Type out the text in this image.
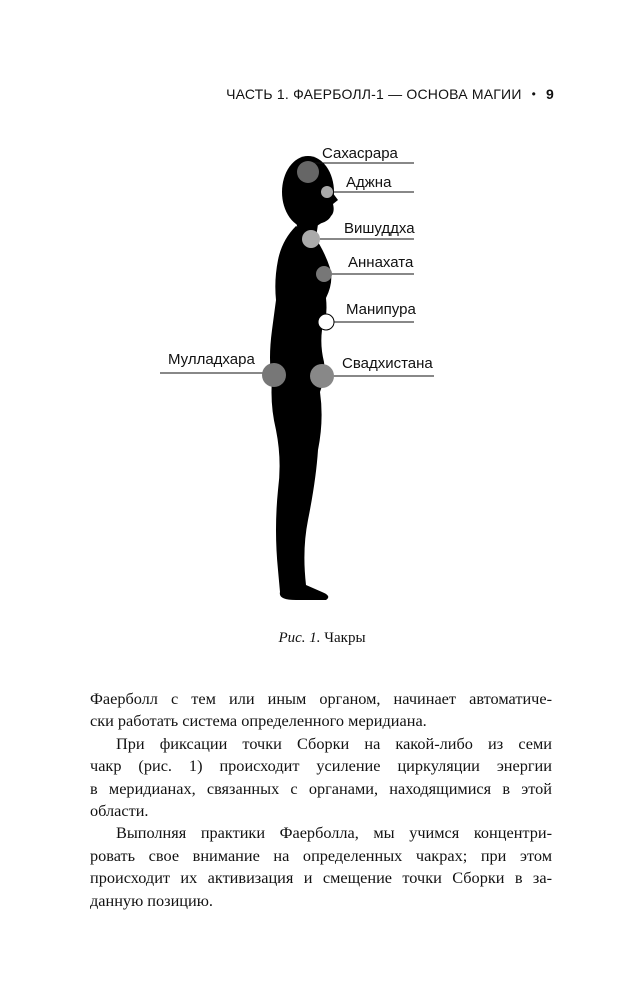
ЧАСТЬ 1. ФАЕРБОЛЛ-1 — ОСНОВА МАГИИ • 9
Сахасрара
Аджна
Вишуддха
Аннахата
Манипура
Свадхистана
Мулладхара
Рис. 1. Чакры

Фаерболл с тем или иным органом, начинает автоматиче-
ски работать система определенного меридиана.

При фиксации точки Сборки на какой-либо из семи
чакр (рис. 1) происходит усиление циркуляции энергии
в меридианах, связанных с органами, находящимися в этой
области.

Выполняя практики Фаерболла, мы учимся концентри-
ровать свое внимание на определенных чакрах; при этом
происходит их активизация и смещение точки Сборки в за-
данную позицию.
